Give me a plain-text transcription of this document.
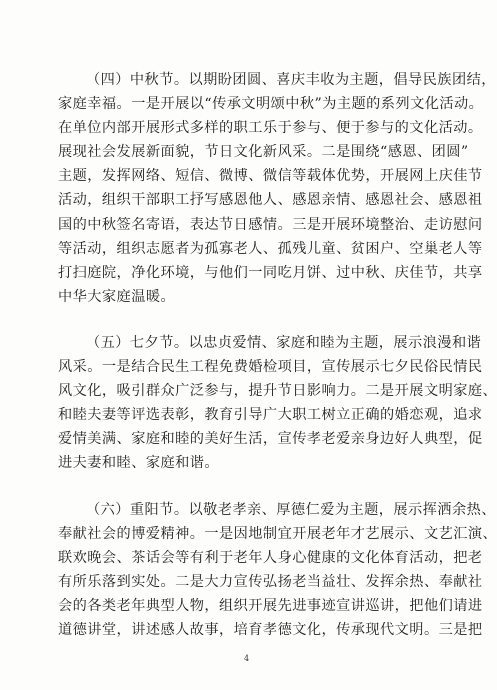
（四）中秋节。以期盼团圆、喜庆丰收为主题，倡导民族团结，
家庭幸福。一是开展以“传承文明颂中秋”为主题的系列文化活动。
在单位内部开展形式多样的职工乐于参与、便于参与的文化活动。
展现社会发展新面貌，节日文化新风采。二是围绕“感恩、团圆”
主题，发挥网络、短信、微博、微信等载体优势，开展网上庆佳节
活动，组织干部职工抒写感恩他人、感恩亲情、感恩社会、感恩祖
国的中秋签名寄语，表达节日感情。三是开展环境整治、走访慰问
等活动，组织志愿者为孤寡老人、孤残儿童、贫困户、空巢老人等
打扫庭院，净化环境，与他们一同吃月饼、过中秋、庆佳节，共享
中华大家庭温暖。
（五）七夕节。以忠贞爱情、家庭和睦为主题，展示浪漫和谐
风采。一是结合民生工程免费婚检项目，宣传展示七夕民俗民情民
风文化，吸引群众广泛参与，提升节日影响力。二是开展文明家庭、
和睦夫妻等评选表彰，教育引导广大职工树立正确的婚恋观，追求
爱情美满、家庭和睦的美好生活，宣传孝老爱亲身边好人典型，促
进夫妻和睦、家庭和谐。
（六）重阳节。以敬老孝亲、厚德仁爱为主题，展示挥洒余热、
奉献社会的博爱精神。一是因地制宜开展老年才艺展示、文艺汇演、
联欢晚会、茶话会等有利于老年人身心健康的文化体育活动，把老
有所乐落到实处。二是大力宣传弘扬老当益壮、发挥余热、奉献社
会的各类老年典型人物，组织开展先进事迹宣讲巡讲，把他们请进
道德讲堂，讲述感人故事，培育孝德文化，传承现代文明。三是把
4
